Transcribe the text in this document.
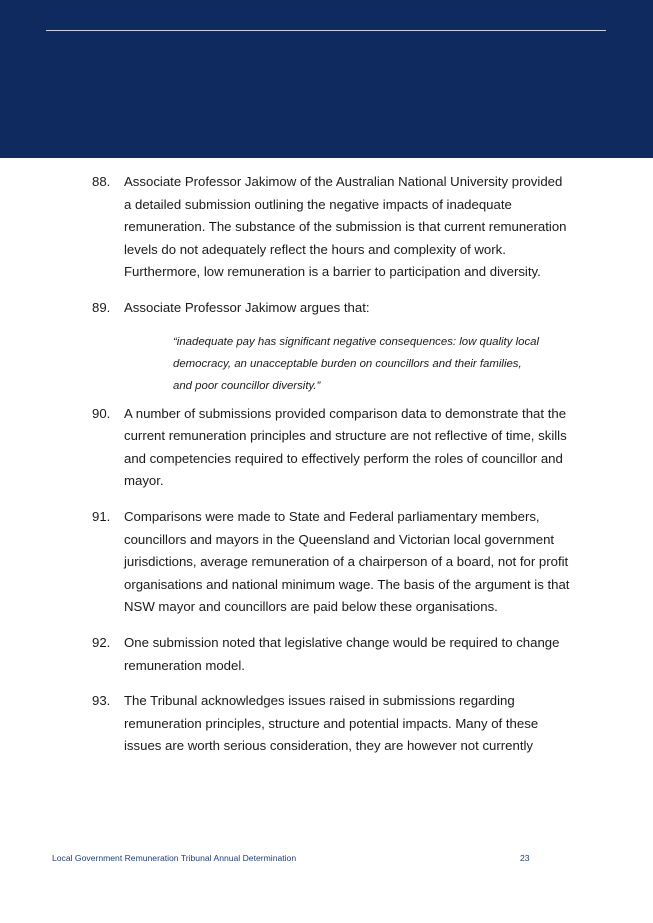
88.	Associate Professor Jakimow of the Australian National University provided a detailed submission outlining the negative impacts of inadequate remuneration. The substance of the submission is that current remuneration levels do not adequately reflect the hours and complexity of work. Furthermore, low remuneration is a barrier to participation and diversity.
89.	Associate Professor Jakimow argues that:
“inadequate pay has significant negative consequences: low quality local democracy, an unacceptable burden on councillors and their families, and poor councillor diversity.”
90.	A number of submissions provided comparison data to demonstrate that the current remuneration principles and structure are not reflective of time, skills and competencies required to effectively perform the roles of councillor and mayor.
91.	Comparisons were made to State and Federal parliamentary members, councillors and mayors in the Queensland and Victorian local government jurisdictions, average remuneration of a chairperson of a board, not for profit organisations and national minimum wage. The basis of the argument is that NSW mayor and councillors are paid below these organisations.
92.	One submission noted that legislative change would be required to change remuneration model.
93.	The Tribunal acknowledges issues raised in submissions regarding remuneration principles, structure and potential impacts. Many of these issues are worth serious consideration, they are however not currently
Local Government Remuneration Tribunal Annual Determination	23
